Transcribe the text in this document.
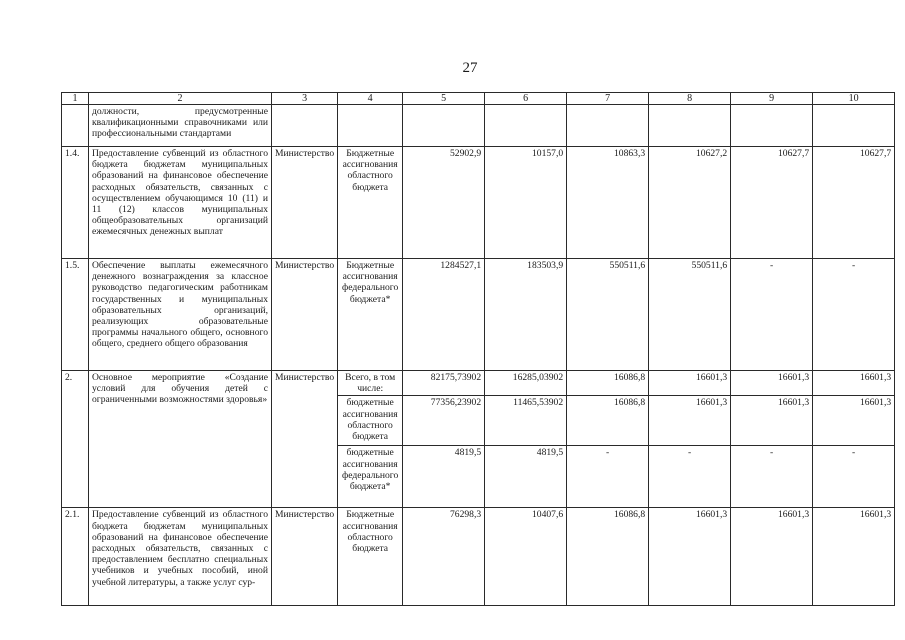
27
1	2	3	4	5	6	7	8	9	10
	должности, предусмотренные квалификационными справочниками или профессиональными стандартами								
1.4.	Предоставление субвенций из областного бюджета бюджетам муниципальных образований на финансовое обеспечение расходных обязательств, связанных с осуществлением обучающимся 10 (11) и 11 (12) классов муниципальных общеобразовательных организаций ежемесячных денежных выплат	Министерство	Бюджетные ассигнования областного бюджета	52902,9	10157,0	10863,3	10627,2	10627,7	10627,7
1.5.	Обеспечение выплаты ежемесячного денежного вознаграждения за классное руководство педагогическим работникам государственных и муниципальных образовательных организаций, реализующих образовательные программы начального общего, основного общего, среднего общего образования	Министерство	Бюджетные ассигнования федерального бюджета*	1284527,1	183503,9	550511,6	550511,6	-	-
2.	Основное мероприятие «Создание условий для обучения детей с ограниченными возможностями здоровья»	Министерство	Всего, в том числе:	82175,73902	16285,03902	16086,8	16601,3	16601,3	16601,3
			бюджетные ассигнования областного бюджета	77356,23902	11465,53902	16086,8	16601,3	16601,3	16601,3
			бюджетные ассигнования федерального бюджета*	4819,5	4819,5	-	-	-	-
2.1.	Предоставление субвенций из областного бюджета бюджетам муниципальных образований на финансовое обеспечение расходных обязательств, связанных с предоставлением бесплатно специальных учебников и учебных пособий, иной учебной литературы, а также услуг сур-	Министерство	Бюджетные ассигнования областного бюджета	76298,3	10407,6	16086,8	16601,3	16601,3	16601,3
